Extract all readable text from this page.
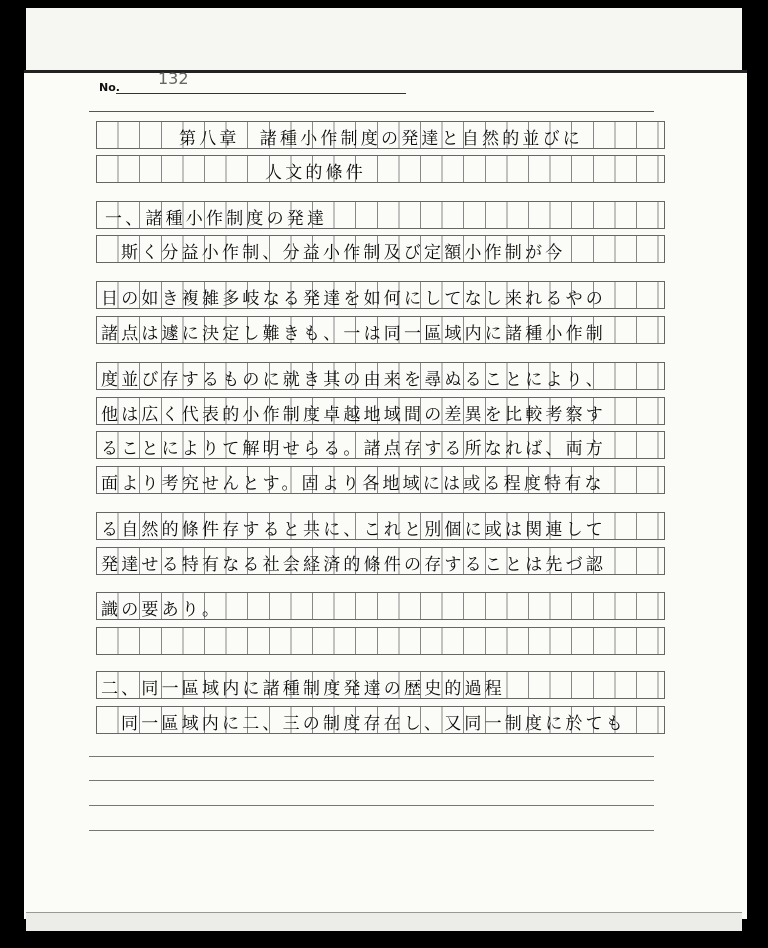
No. 132
第八章　諸種小作制度の発達と自然的並びに
人文的條件
一、諸種小作制度の発達
斯く分益小作制、分益小作制及び定額小作制が今
日の如き複雑多岐なる発達を如何にしてなし来れるやの
諸点は遽に決定し難きも、一は同一區域内に諸種小作制
度並び存するものに就き其の由来を尋ぬることにより、
他は広く代表的小作制度卓越地域間の差異を比較考察す
ることによりて解明せらる。諸点存する所なれば、両方
面より考究せんとす。固より各地域には或る程度特有な
る自然的條件存すると共に、これと別個に或は関連して
発達せる特有なる社会経済的條件の存することは先づ認
識の要あり。
二、同一區域内に諸種制度発達の歴史的過程
同一區域内に二、三の制度存在し、又同一制度に於ても
